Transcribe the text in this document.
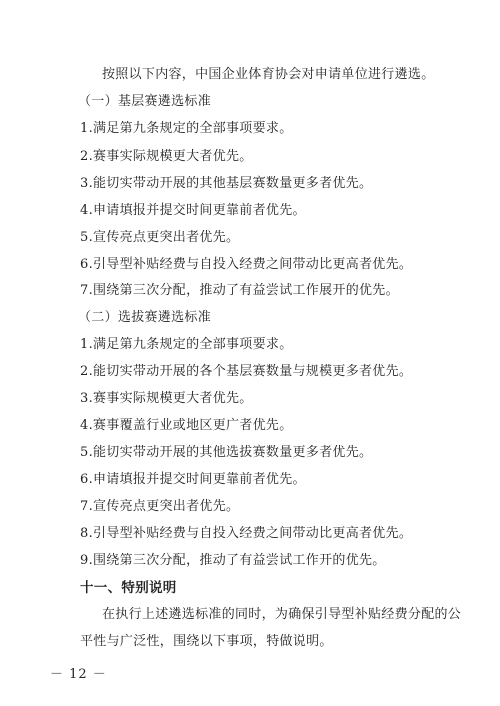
按照以下内容，中国企业体育协会对申请单位进行遴选。
（一）基层赛遴选标准
1.满足第九条规定的全部事项要求。
2.赛事实际规模更大者优先。
3.能切实带动开展的其他基层赛数量更多者优先。
4.申请填报并提交时间更靠前者优先。
5.宣传亮点更突出者优先。
6.引导型补贴经费与自投入经费之间带动比更高者优先。
7.围绕第三次分配，推动了有益尝试工作展开的优先。
（二）选拔赛遴选标准
1.满足第九条规定的全部事项要求。
2.能切实带动开展的各个基层赛数量与规模更多者优先。
3.赛事实际规模更大者优先。
4.赛事覆盖行业或地区更广者优先。
5.能切实带动开展的其他选拔赛数量更多者优先。
6.申请填报并提交时间更靠前者优先。
7.宣传亮点更突出者优先。
8.引导型补贴经费与自投入经费之间带动比更高者优先。
9.围绕第三次分配，推动了有益尝试工作开的优先。
十一、特别说明
在执行上述遴选标准的同时，为确保引导型补贴经费分配的公
平性与广泛性，围绕以下事项，特做说明。
－ 12 －
